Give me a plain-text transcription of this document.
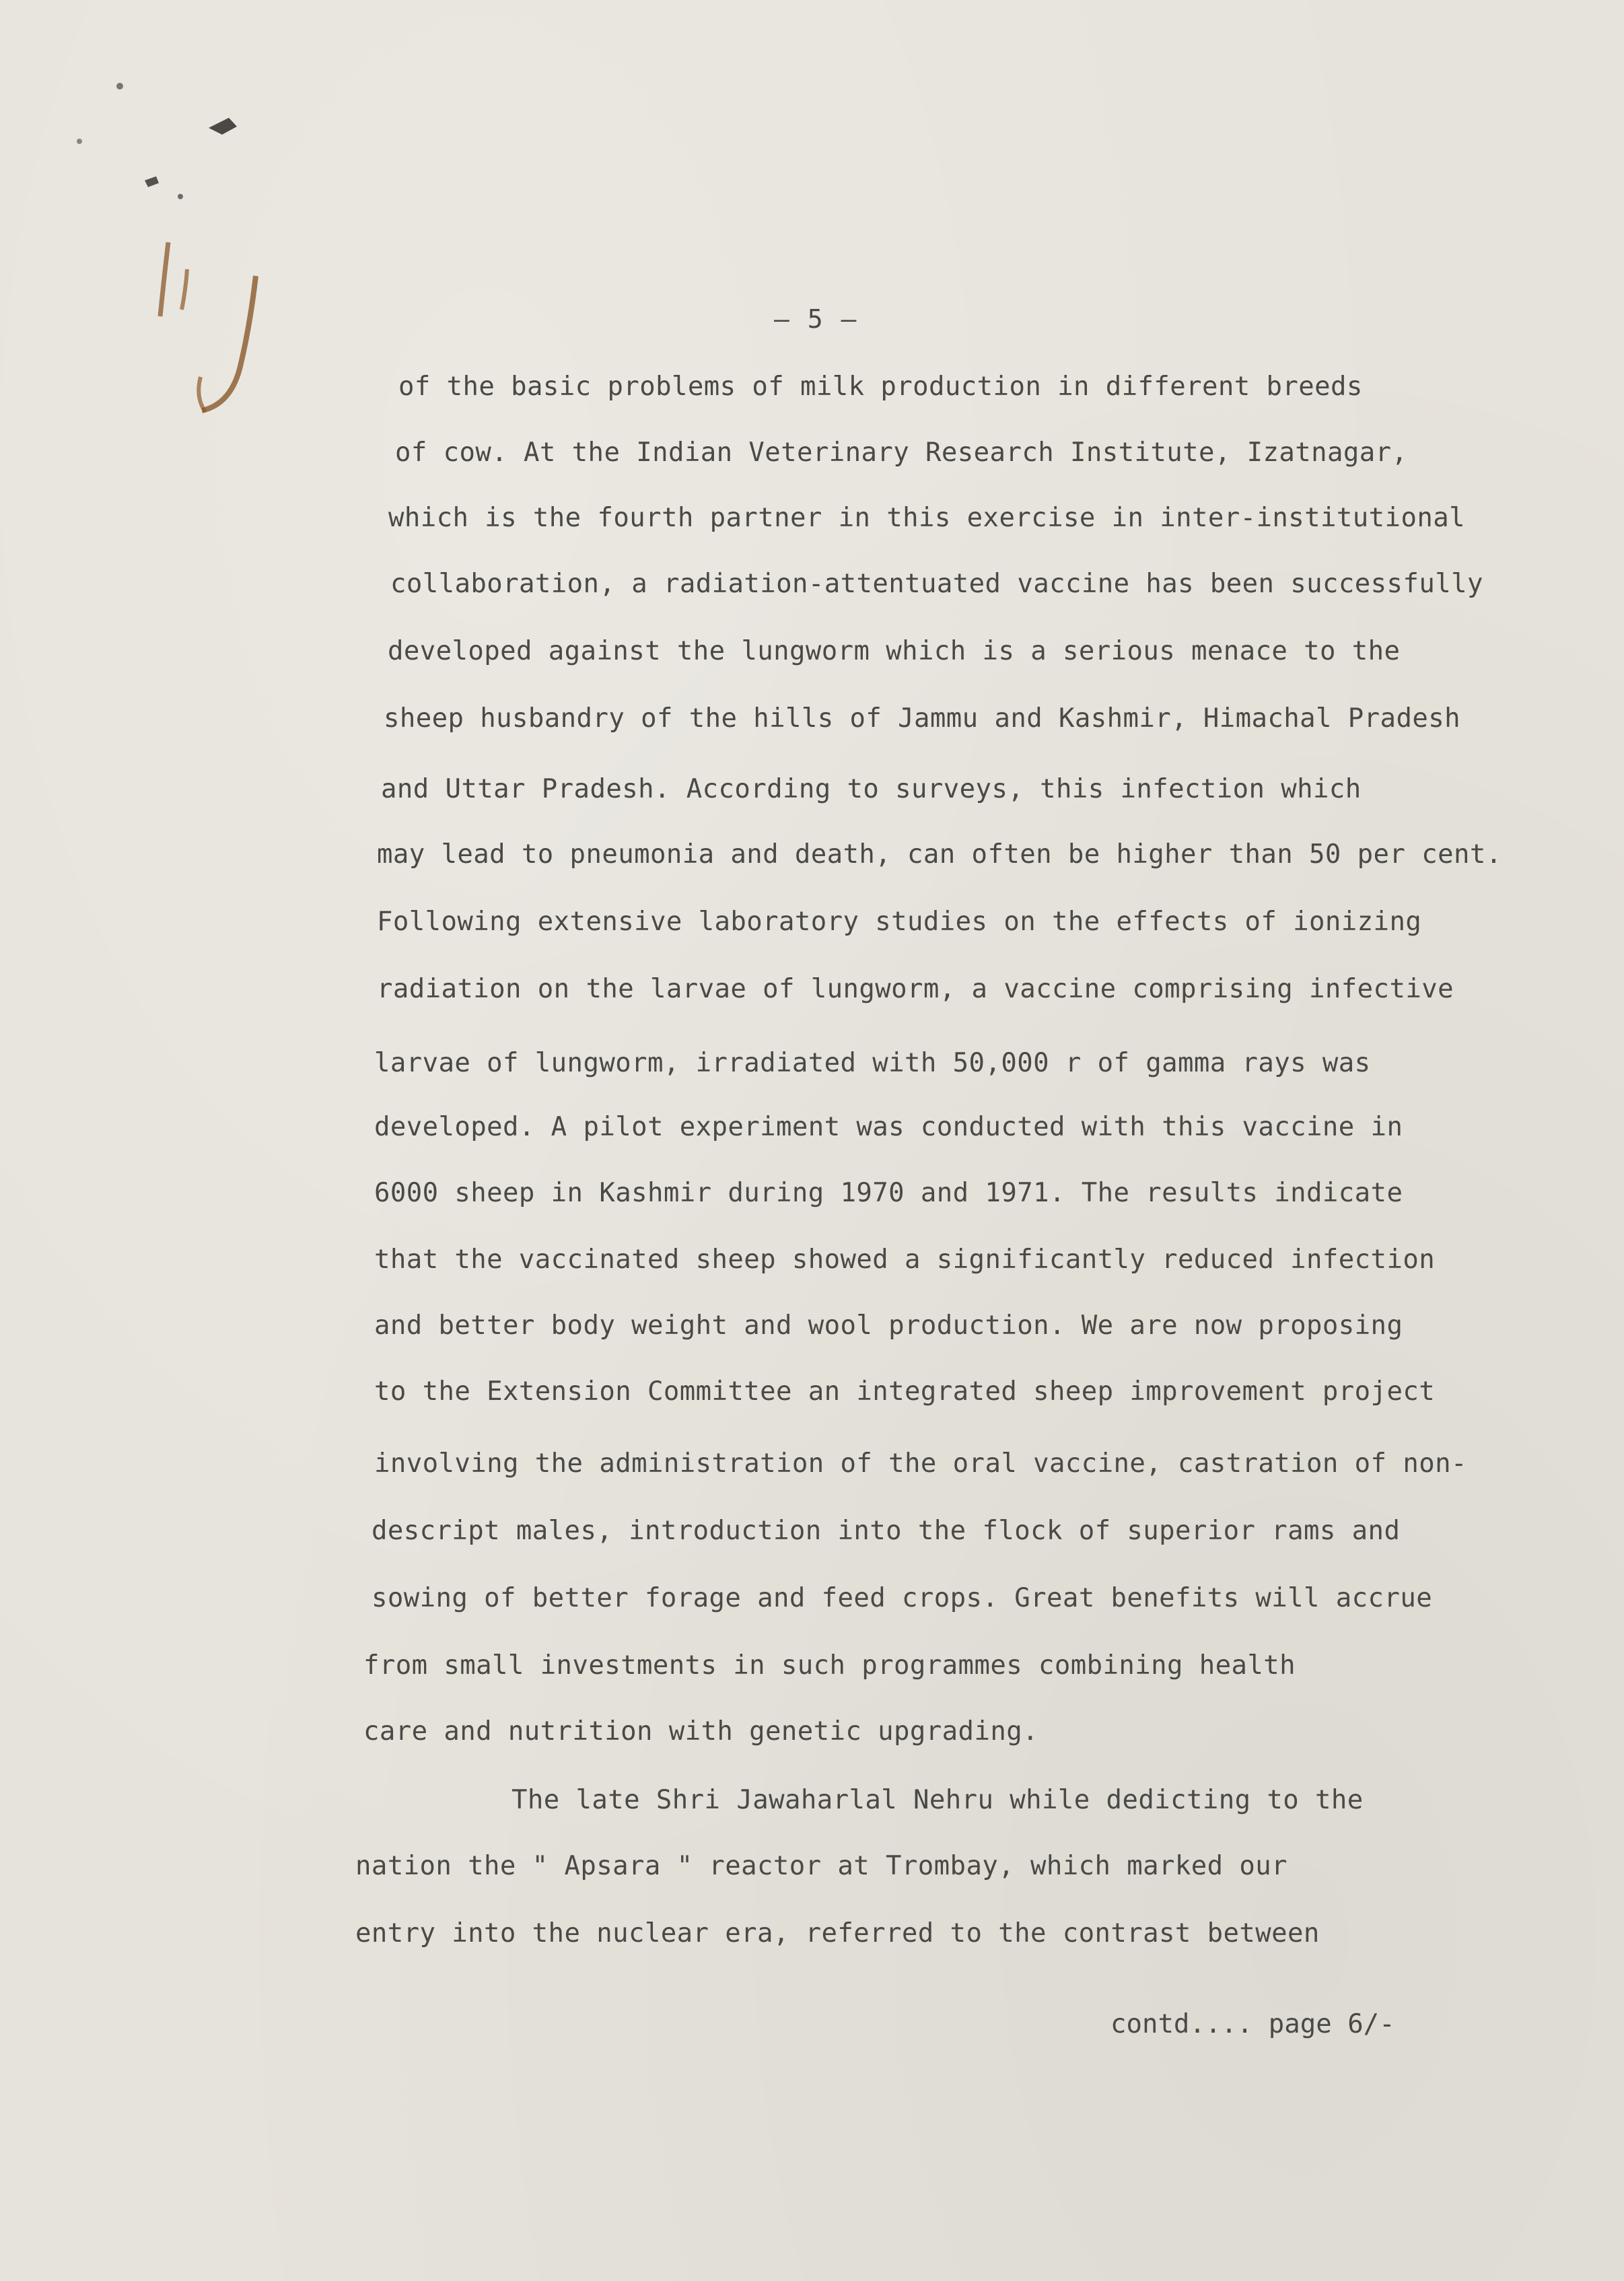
— 5 —
of the basic problems of milk production in different breeds
of cow. At the Indian Veterinary Research Institute, Izatnagar,
which is the fourth partner in this exercise in inter-institutional
collaboration, a radiation-attentuated vaccine has been successfully
developed against the lungworm which is a serious menace to the
sheep husbandry of the hills of Jammu and Kashmir, Himachal Pradesh
and Uttar Pradesh. According to surveys, this infection which
may lead to pneumonia and death, can often be higher than 50 per cent.
Following extensive laboratory studies on the effects of ionizing
radiation on the larvae of lungworm, a vaccine comprising infective
larvae of lungworm, irradiated with 50,000 r of gamma rays was
developed. A pilot experiment was conducted with this vaccine in
6000 sheep in Kashmir during 1970 and 1971. The results indicate
that the vaccinated sheep showed a significantly reduced infection
and better body weight and wool production. We are now proposing
to the Extension Committee an integrated sheep improvement project
involving the administration of the oral vaccine, castration of non-
descript males, introduction into the flock of superior rams and
sowing of better forage and feed crops. Great benefits will accrue
from small investments in such programmes combining health
care and nutrition with genetic upgrading.
The late Shri Jawaharlal Nehru while dedicting to the
nation the " Apsara " reactor at Trombay, which marked our
entry into the nuclear era, referred to the contrast between
contd.... page 6/-
